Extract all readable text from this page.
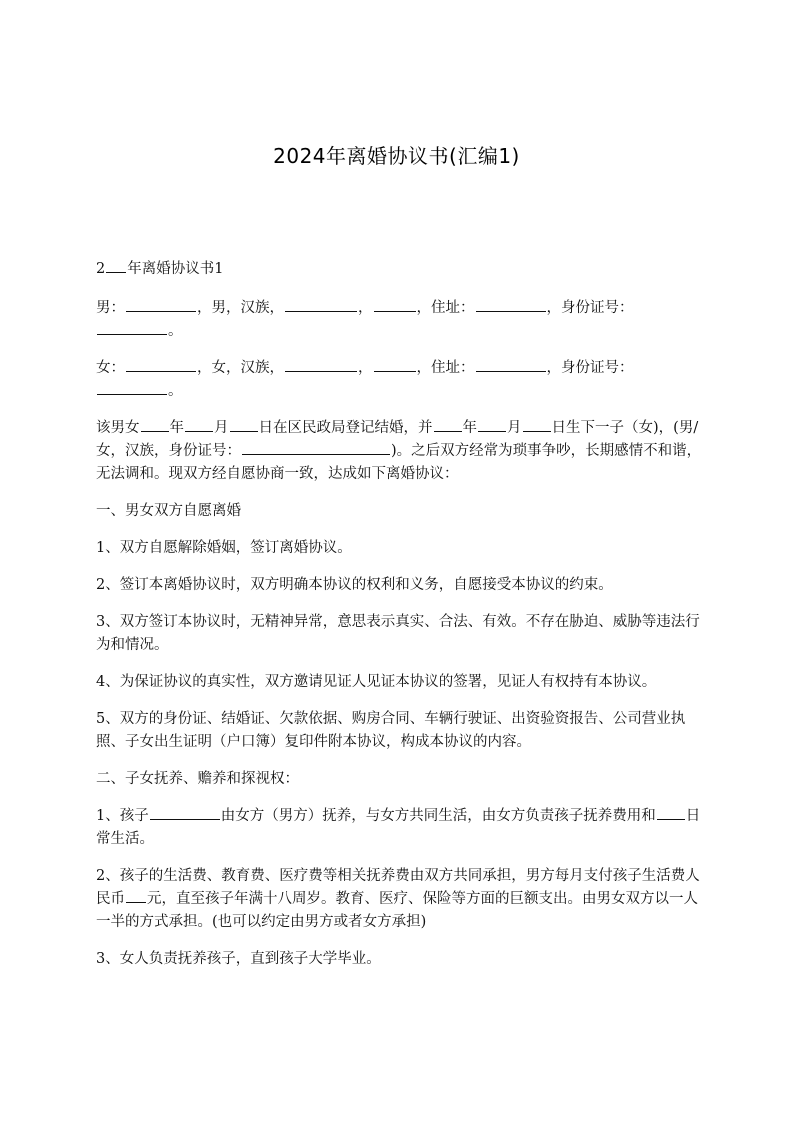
2024年离婚协议书(汇编1)

2 年离婚协议书1

男：	，男，汉族，	，	，住址：	，身份证号：。

女：	，女，汉族，	，	，住址：	，身份证号：。

该男女 年 月 日在区民政局登记结婚，并 年 月 日生下一子（女)，(男/女，汉族，身份证号：	)。之后双方经常为琐事争吵，长期感情不和谐，无法调和。现双方经自愿协商一致，达成如下离婚协议：

一、男女双方自愿离婚

1、双方自愿解除婚姻，签订离婚协议。

2、签订本离婚协议时，双方明确本协议的权利和义务，自愿接受本协议的约束。

3、双方签订本协议时，无精神异常，意思表示真实、合法、有效。不存在胁迫、威胁等违法行为和情况。

4、为保证协议的真实性，双方邀请见证人见证本协议的签署，见证人有权持有本协议。

5、双方的身份证、结婚证、欠款依据、购房合同、车辆行驶证、出资验资报告、公司营业执照、子女出生证明（户口簿）复印件附本协议，构成本协议的内容。

二、子女抚养、赡养和探视权：

1、孩子	由女方（男方）抚养，与女方共同生活，由女方负责孩子抚养费用和 日常生活。

2、孩子的生活费、教育费、医疗费等相关抚养费由双方共同承担，男方每月支付孩子生活费人民币 元，直至孩子年满十八周岁。教育、医疗、保险等方面的巨额支出。由男女双方以一人一半的方式承担。(也可以约定由男方或者女方承担)

3、女人负责抚养孩子，直到孩子大学毕业。
